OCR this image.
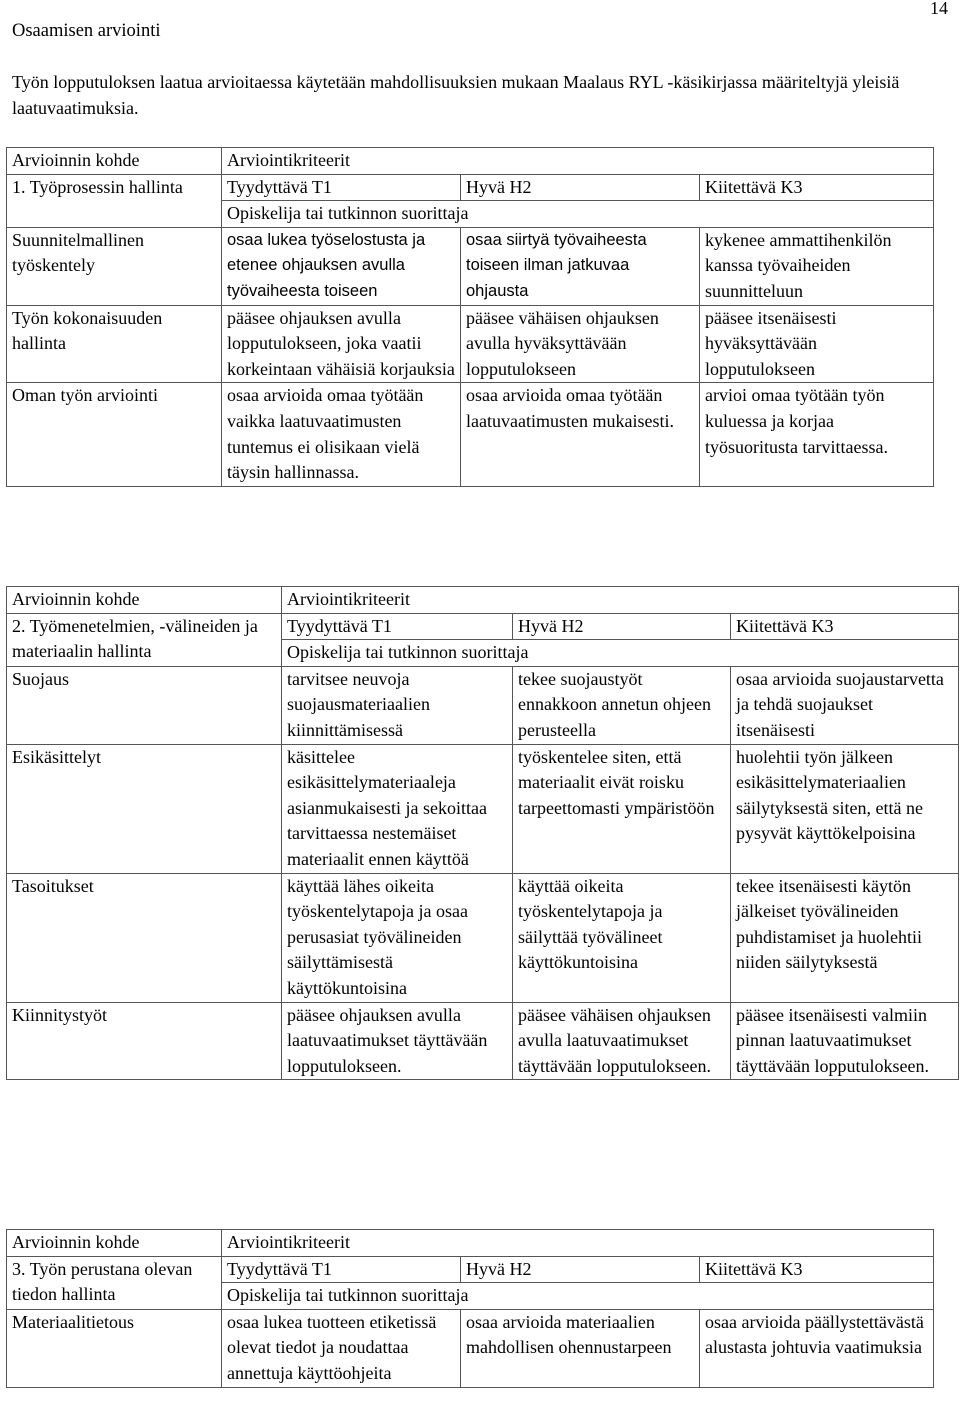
14
Osaamisen arviointi
Työn lopputuloksen laatua arvioitaessa käytetään mahdollisuuksien mukaan Maalaus RYL -käsikirjassa määriteltyjä yleisiä laatuvaatimuksia.
Arvioinnin kohde	Arviointikriteerit		
1. Työprosessin hallinta	Tyydyttävä T1	Hyvä H2	Kiitettävä K3
	Opiskelija tai tutkinnon suorittaja		
Suunnitelmallinen työskentely	osaa lukea työselostusta ja etenee ohjauksen avulla työvaiheesta toiseen	osaa siirtyä työvaiheesta toiseen ilman jatkuvaa ohjausta	kykenee ammattihenkilön kanssa työvaiheiden suunnitteluun
Työn kokonaisuuden hallinta	pääsee ohjauksen avulla lopputulokseen, joka vaatii korkeintaan vähäisiä korjauksia	pääsee vähäisen ohjauksen avulla hyväksyttävään lopputulokseen	pääsee itsenäisesti hyväksyttävään lopputulokseen
Oman työn arviointi	osaa arvioida omaa työtään vaikka laatuvaatimusten tuntemus ei olisikaan vielä täysin hallinnassa.	osaa arvioida omaa työtään laatuvaatimusten mukaisesti.	arvioi omaa työtään työn kuluessa ja korjaa työsuoritusta tarvittaessa.
Arvioinnin kohde	Arviointikriteerit		
2. Työmenetelmien, -välineiden ja materiaalin hallinta	Tyydyttävä T1	Hyvä H2	Kiitettävä K3
	Opiskelija tai tutkinnon suorittaja		
Suojaus	tarvitsee neuvoja suojausmateriaalien kiinnittämisessä	tekee suojaustyöt ennakkoon annetun ohjeen perusteella	osaa arvioida suojaustarvetta ja tehdä suojaukset itsenäisesti
Esikäsittelyt	käsittelee esikäsittelymateriaaleja asianmukaisesti ja sekoittaa tarvittaessa nestemäiset materiaalit ennen käyttöä	työskentelee siten, että materiaalit eivät roisku tarpeettomasti ympäristöön	huolehtii työn jälkeen esikäsittelymateriaalien säilytyksestä siten, että ne pysyvät käyttökelpoisina
Tasoitukset	käyttää lähes oikeita työskentelytapoja ja osaa perusasiat työvälineiden säilyttämisestä käyttökuntoisina	käyttää oikeita työskentelytapoja ja säilyttää työvälineet käyttökuntoisina	tekee itsenäisesti käytön jälkeiset työvälineiden puhdistamiset ja huolehtii niiden säilytyksestä
Kiinnitystyöt	pääsee ohjauksen avulla laatuvaatimukset täyttävään lopputulokseen.	pääsee vähäisen ohjauksen avulla laatuvaatimukset täyttävään lopputulokseen.	pääsee itsenäisesti valmiin pinnan laatuvaatimukset täyttävään lopputulokseen.
Arvioinnin kohde	Arviointikriteerit		
3. Työn perustana olevan tiedon hallinta	Tyydyttävä T1	Hyvä H2	Kiitettävä K3
	Opiskelija tai tutkinnon suorittaja		
Materiaalitietous	osaa lukea tuotteen etiketissä olevat tiedot ja noudattaa annettuja käyttöohjeita	osaa arvioida materiaalien mahdollisen ohennustarpeen	osaa arvioida päällystettävästä alustasta johtuvia vaatimuksia
